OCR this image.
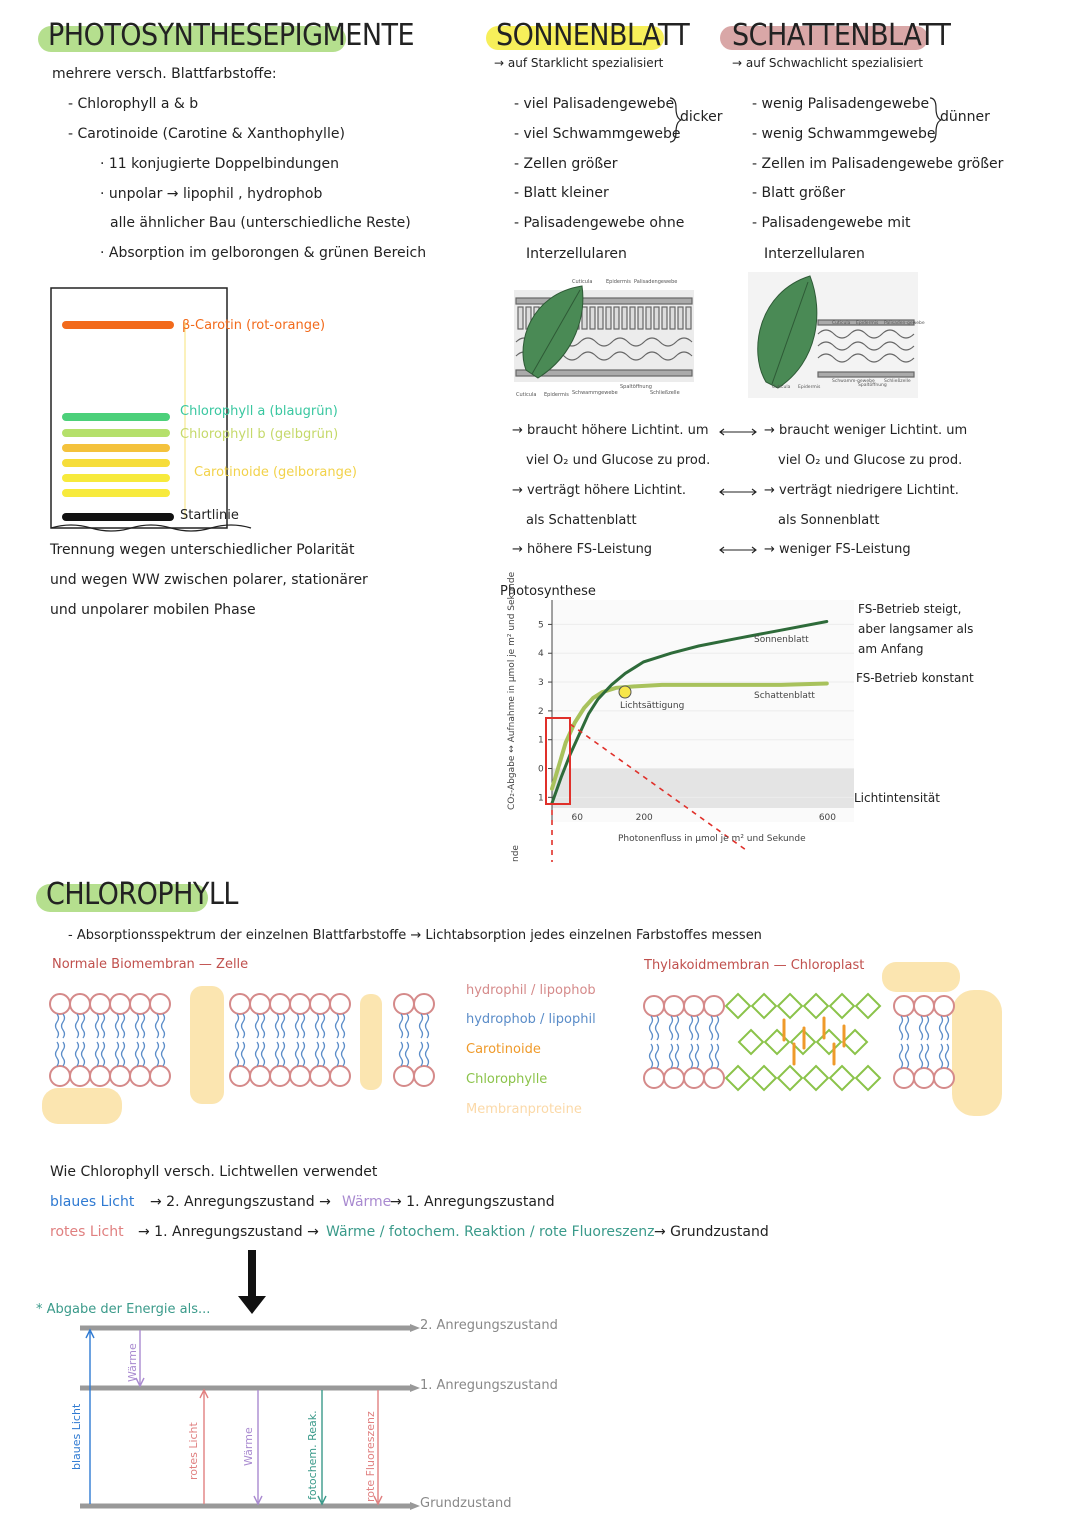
PHOTOSYNTHESEPIGMENTE
mehrere versch. Blattfarbstoffe:
- Chlorophyll a & b
- Carotinoide (Carotine & Xanthophylle)
· 11 konjugierte Doppelbindungen
· unpolar → lipophil , hydrophob
alle ähnlicher Bau (unterschiedliche Reste)
· Absorption im gelborongen & grünen Bereich
β-Carotin (rot-orange)
Chlorophyll a (blaugrün)
Chlorophyll b (gelbgrün)
Carotinoide (gelborange)
Startlinie
Trennung wegen unterschiedlicher Polarität
und wegen WW zwischen polarer, stationärer
und unpolarer mobilen Phase
SONNENBLATT
→ auf Starklicht spezialisiert
- viel Palisadengewebe
- viel Schwammgewebe
- Zellen größer
- Blatt kleiner
- Palisadengewebe ohne
Interzellularen
dicker
Cuticula	Epidermis Palisadengewebe
Spaltöffnung
Schließzelle
Cuticula Epidermis Schwammgewebe
→ braucht höhere Lichtint. um
viel O₂ und Glucose zu prod.
→ verträgt höhere Lichtint.
als Schattenblatt
→ höhere FS-Leistung
SCHATTENBLATT
→ auf Schwachlicht spezialisiert
- wenig Palisadengewebe
- wenig Schwammgewebe
- Zellen im Palisadengewebe größer
- Blatt größer
- Palisadengewebe mit
Interzellularen
dünner
Cuticula Epidermis Palisaden-gewebe
Cuticula Epidermis
Schwamm-gewebe
Spaltöffnung
Schließzelle
→ braucht weniger Lichtint. um
viel O₂ und Glucose zu prod.
→ verträgt niedrigere Lichtint.
als Sonnenblatt
→ weniger FS-Leistung
Photosynthese
CO₂-Abgabe ↔ Aufnahme in µmol je m² und Sekunde 5
4
3
2
1
0
1
60	200	600
Lichtsättigung
Sonnenblatt
Schattenblatt
Photonenfluss in µmol je m² und Sekunde
nde
FS-Betrieb steigt,
aber langsamer als
am Anfang
FS-Betrieb konstant
Lichtintensität
CHLOROPHYLL
- Absorptionsspektrum der einzelnen Blattfarbstoffe → Lichtabsorption jedes einzelnen Farbstoffes messen
Normale Biomembran — Zelle	Thylakoidmembran — Chloroplast
hydrophil / lipophob
hydrophob / lipophil
Carotinoide
Chlorophylle
Membranproteine
Wie Chlorophyll versch. Lichtwellen verwendet
blaues Licht → 2. Anregungszustand → Wärme
→ 1. Anregungszustand
rotes Licht → 1. Anregungszustand → Wärme / fotochem. Reaktion / rote Fluoreszenz → Grundzustand
blaues Licht
Wärme
rotes Licht	Wärme	fotochem. Reak.	rote Fluoreszenz
* Abgabe der Energie als...
2. Anregungszustand
1. Anregungszustand
Grundzustand
